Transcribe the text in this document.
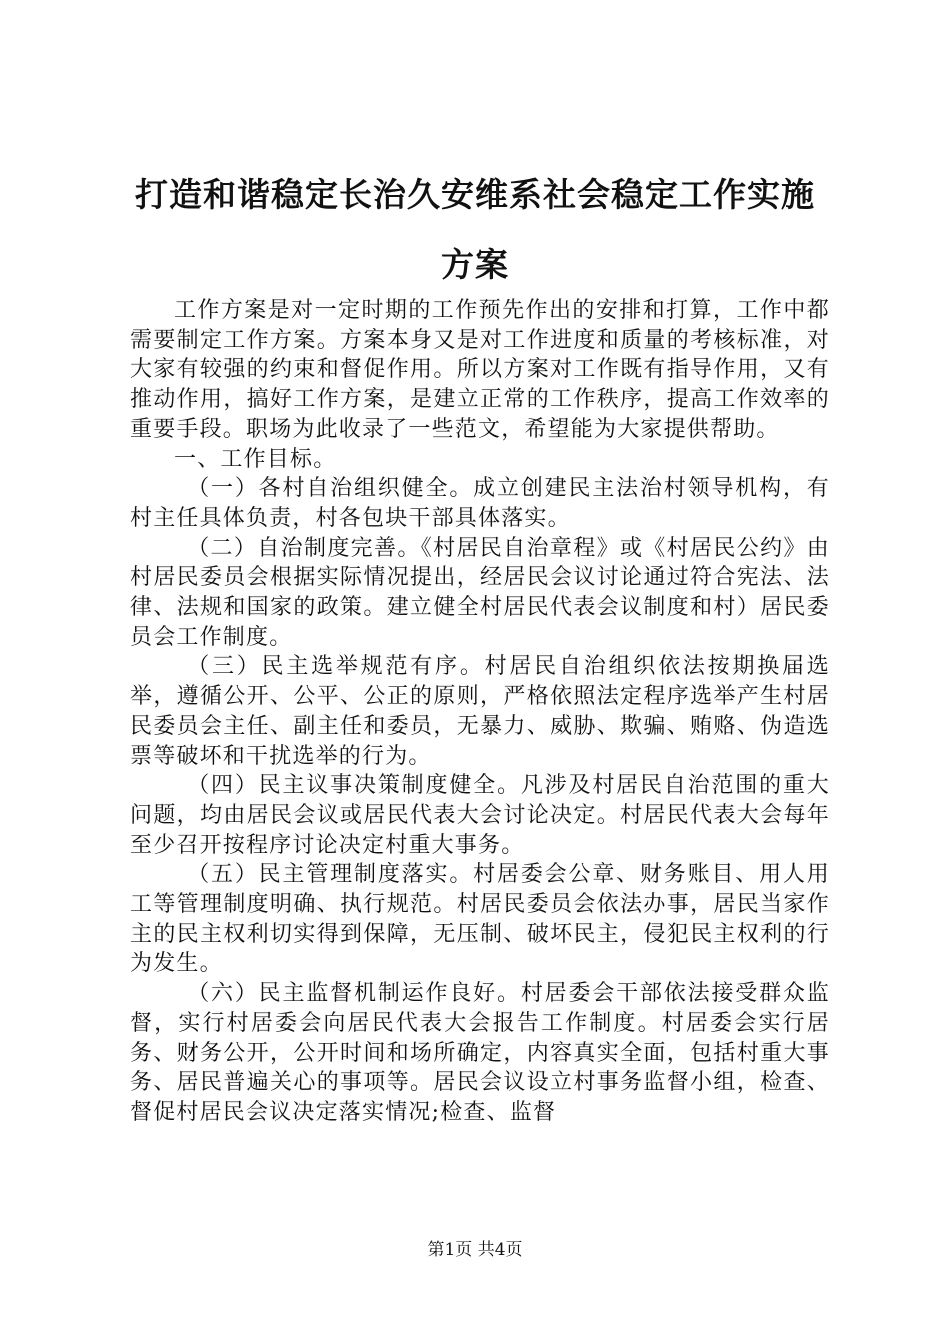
打造和谐稳定长治久安维系社会稳定工作实施方案

工作方案是对一定时期的工作预先作出的安排和打算，工作中都需要制定工作方案。方案本身又是对工作进度和质量的考核标准，对大家有较强的约束和督促作用。所以方案对工作既有指导作用，又有推动作用，搞好工作方案，是建立正常的工作秩序，提高工作效率的重要手段。职场为此收录了一些范文，希望能为大家提供帮助。

一、工作目标。

（一）各村自治组织健全。成立创建民主法治村领导机构，有村主任具体负责，村各包块干部具体落实。

（二）自治制度完善。《村居民自治章程》或《村居民公约》由村居民委员会根据实际情况提出，经居民会议讨论通过符合宪法、法律、法规和国家的政策。建立健全村居民代表会议制度和村）居民委员会工作制度。

（三）民主选举规范有序。村居民自治组织依法按期换届选举，遵循公开、公平、公正的原则，严格依照法定程序选举产生村居民委员会主任、副主任和委员，无暴力、威胁、欺骗、贿赂、伪造选票等破坏和干扰选举的行为。

（四）民主议事决策制度健全。凡涉及村居民自治范围的重大问题，均由居民会议或居民代表大会讨论决定。村居民代表大会每年至少召开按程序讨论决定村重大事务。

（五）民主管理制度落实。村居委会公章、财务账目、用人用工等管理制度明确、执行规范。村居民委员会依法办事，居民当家作主的民主权利切实得到保障，无压制、破坏民主，侵犯民主权利的行为发生。

（六）民主监督机制运作良好。村居委会干部依法接受群众监督，实行村居委会向居民代表大会报告工作制度。村居委会实行居务、财务公开，公开时间和场所确定，内容真实全面，包括村重大事务、居民普遍关心的事项等。居民会议设立村事务监督小组，检查、督促村居民会议决定落实情况;检查、监督

第1页 共4页
